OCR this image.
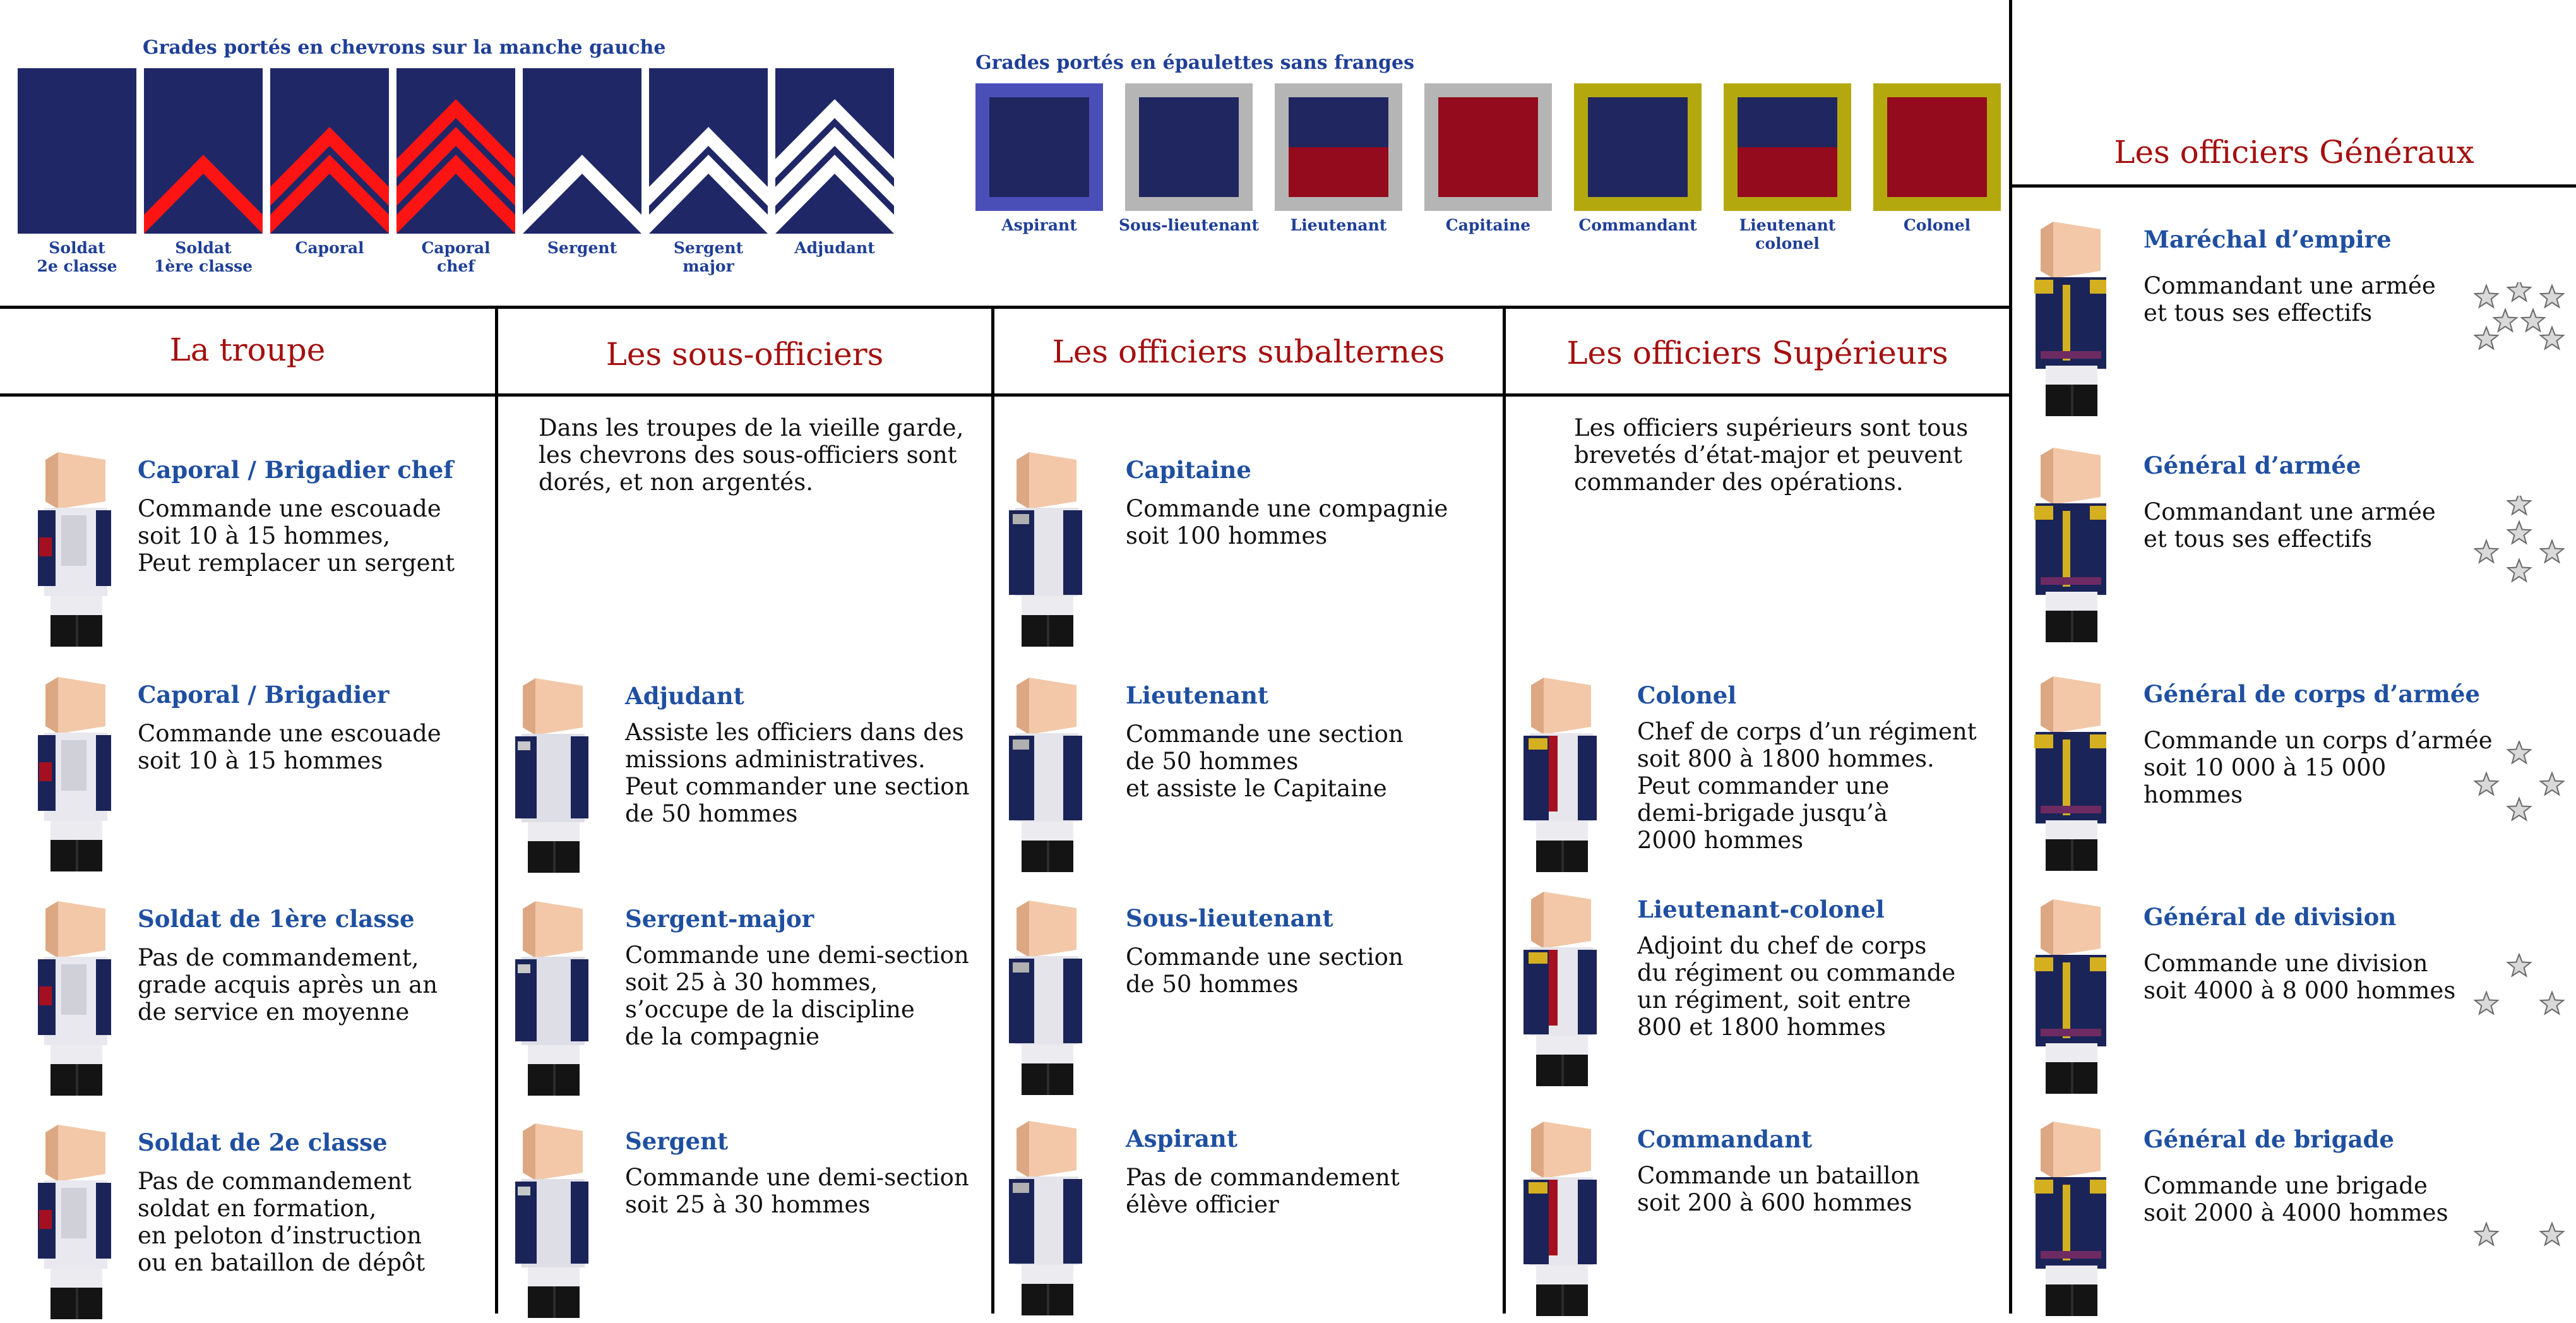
Grades portés en chevrons sur la manche gauche
Grades portés en épaulettes sans franges
Soldat
2e classe
Soldat
1ère classe
Caporal	Caporal
chef
Sergent	Sergent
major
Adjudant
Aspirant	Sous-lieutenant	Lieutenant	Capitaine	Commandant	Lieutenant
colonel
Colonel
La troupe	Les sous-officiers	Les officiers subalternes	Les officiers Supérieurs
Les officiers Généraux
Dans les troupes de la vieille garde,
les chevrons des sous-officiers sont
dorés, et non argentés.
Les officiers supérieurs sont tous
brevetés d’état-major et peuvent
commander des opérations.
Caporal / Brigadier chef
Commande une escouade
soit 10 à 15 hommes,
Peut remplacer un sergent
Caporal / Brigadier
Commande une escouade
soit 10 à 15 hommes
Soldat de 1ère classe
Pas de commandement,
grade acquis après un an
de service en moyenne
Soldat de 2e classe
Pas de commandement
soldat en formation,
en peloton d’instruction
ou en bataillon de dépôt
Adjudant
Assiste les officiers dans des
missions administratives.
Peut commander une section
de 50 hommes
Sergent-major
Commande une demi-section
soit 25 à 30 hommes,
s’occupe de la discipline
de la compagnie
Sergent
Commande une demi-section
soit 25 à 30 hommes
Capitaine
Commande une compagnie
soit 100 hommes
Lieutenant
Commande une section
de 50 hommes
et assiste le Capitaine
Sous-lieutenant
Commande une section
de 50 hommes
Aspirant
Pas de commandement
élève officier
Colonel
Chef de corps d’un régiment
soit 800 à 1800 hommes.
Peut commander une
demi-brigade jusqu’à
2000 hommes
Lieutenant-colonel
Adjoint du chef de corps
du régiment ou commande
un régiment, soit entre
800 et 1800 hommes
Commandant
Commande un bataillon
soit 200 à 600 hommes
Maréchal d’empire
Commandant une armée
et tous ses effectifs
Général d’armée
Commandant une armée
et tous ses effectifs
Général de corps d’armée
Commande un corps d’armée
soit 10 000 à 15 000
hommes
Général de division
Commande une division
soit 4000 à 8 000 hommes
Général de brigade
Commande une brigade
soit 2000 à 4000 hommes
